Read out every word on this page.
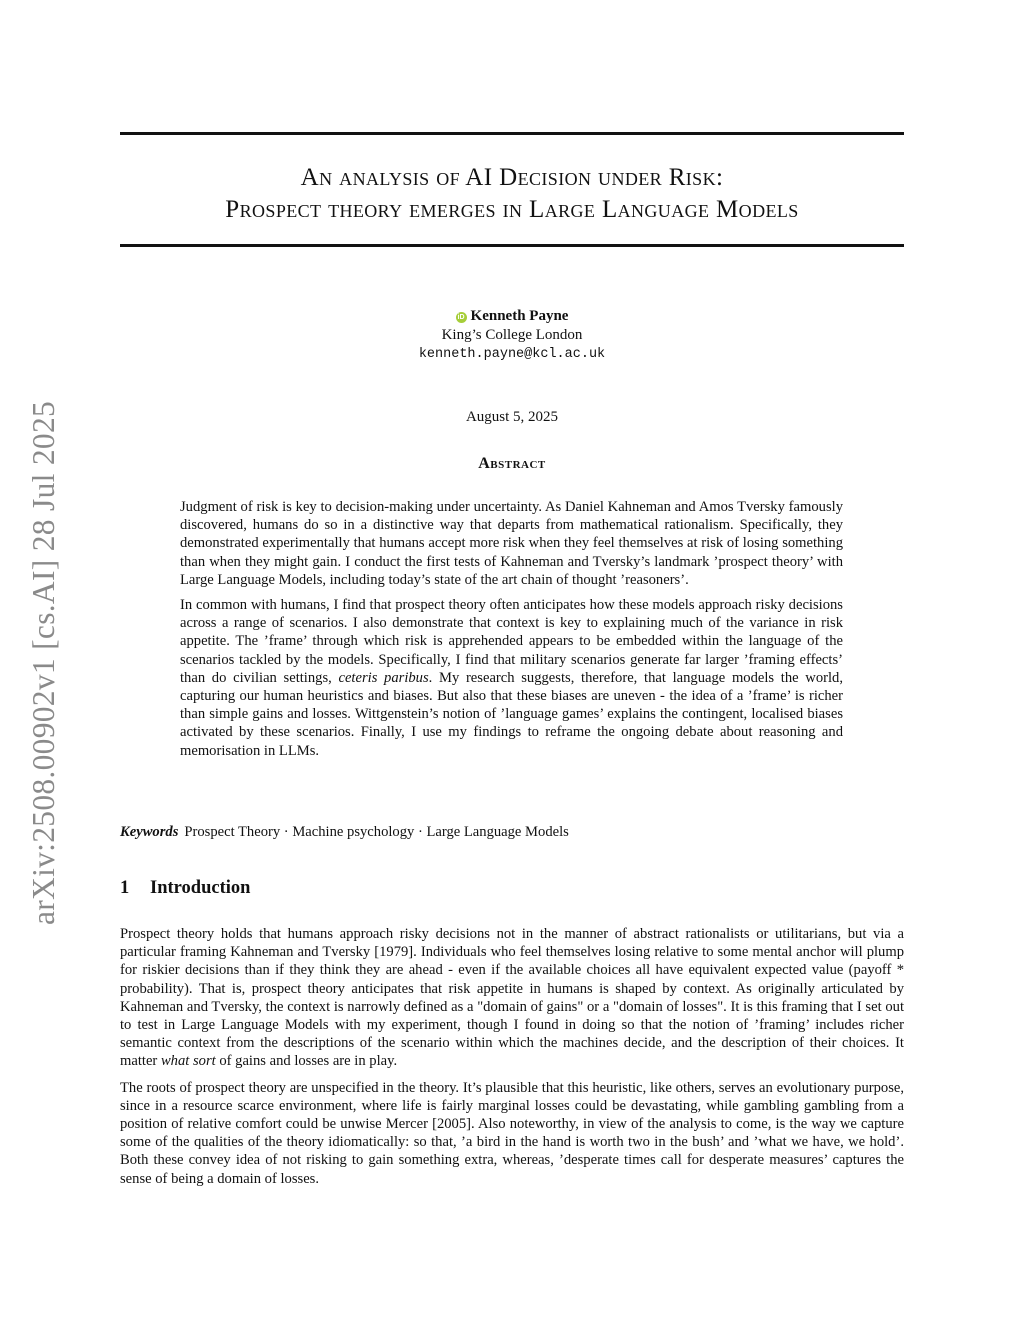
arXiv:2508.00902v1 [cs.AI] 28 Jul 2025
An analysis of AI Decision under Risk:
Prospect theory emerges in Large Language Models
iD Kenneth Payne
King’s College London
kenneth.payne@kcl.ac.uk
August 5, 2025
Abstract

Judgment of risk is key to decision-making under uncertainty. As Daniel Kahneman and Amos Tversky famously discovered, humans do so in a distinctive way that departs from mathematical rationalism. Specifically, they demonstrated experimentally that humans accept more risk when they feel themselves at risk of losing something than when they might gain. I conduct the first tests of Kahneman and Tversky’s landmark ’prospect theory’ with Large Language Models, including today’s state of the art chain of thought ’reasoners’.

In common with humans, I find that prospect theory often anticipates how these models approach risky decisions across a range of scenarios. I also demonstrate that context is key to explaining much of the variance in risk appetite. The ’frame’ through which risk is apprehended appears to be embedded within the language of the scenarios tackled by the models. Specifically, I find that military scenarios generate far larger ’framing effects’ than do civilian settings, ceteris paribus. My research suggests, therefore, that language models the world, capturing our human heuristics and biases. But also that these biases are uneven - the idea of a ’frame’ is richer than simple gains and losses. Wittgenstein’s notion of ’language games’ explains the contingent, localised biases activated by these scenarios. Finally, I use my findings to reframe the ongoing debate about reasoning and memorisation in LLMs.

Keywords Prospect Theory · Machine psychology · Large Language Models
1 Introduction

Prospect theory holds that humans approach risky decisions not in the manner of abstract rationalists or utilitarians, but via a particular framing Kahneman and Tversky [1979]. Individuals who feel themselves losing relative to some mental anchor will plump for riskier decisions than if they think they are ahead - even if the available choices all have equivalent expected value (payoff * probability). That is, prospect theory anticipates that risk appetite in humans is shaped by context. As originally articulated by Kahneman and Tversky, the context is narrowly defined as a "domain of gains" or a "domain of losses". It is this framing that I set out to test in Large Language Models with my experiment, though I found in doing so that the notion of ’framing’ includes richer semantic context from the descriptions of the scenario within which the machines decide, and the description of their choices. It matter what sort of gains and losses are in play.

The roots of prospect theory are unspecified in the theory. It’s plausible that this heuristic, like others, serves an evolutionary purpose, since in a resource scarce environment, where life is fairly marginal losses could be devastating, while gambling gambling from a position of relative comfort could be unwise Mercer [2005]. Also noteworthy, in view of the analysis to come, is the way we capture some of the qualities of the theory idiomatically: so that, ’a bird in the hand is worth two in the bush’ and ’what we have, we hold’. Both these convey idea of not risking to gain something extra, whereas, ’desperate times call for desperate measures’ captures the sense of being a domain of losses.
